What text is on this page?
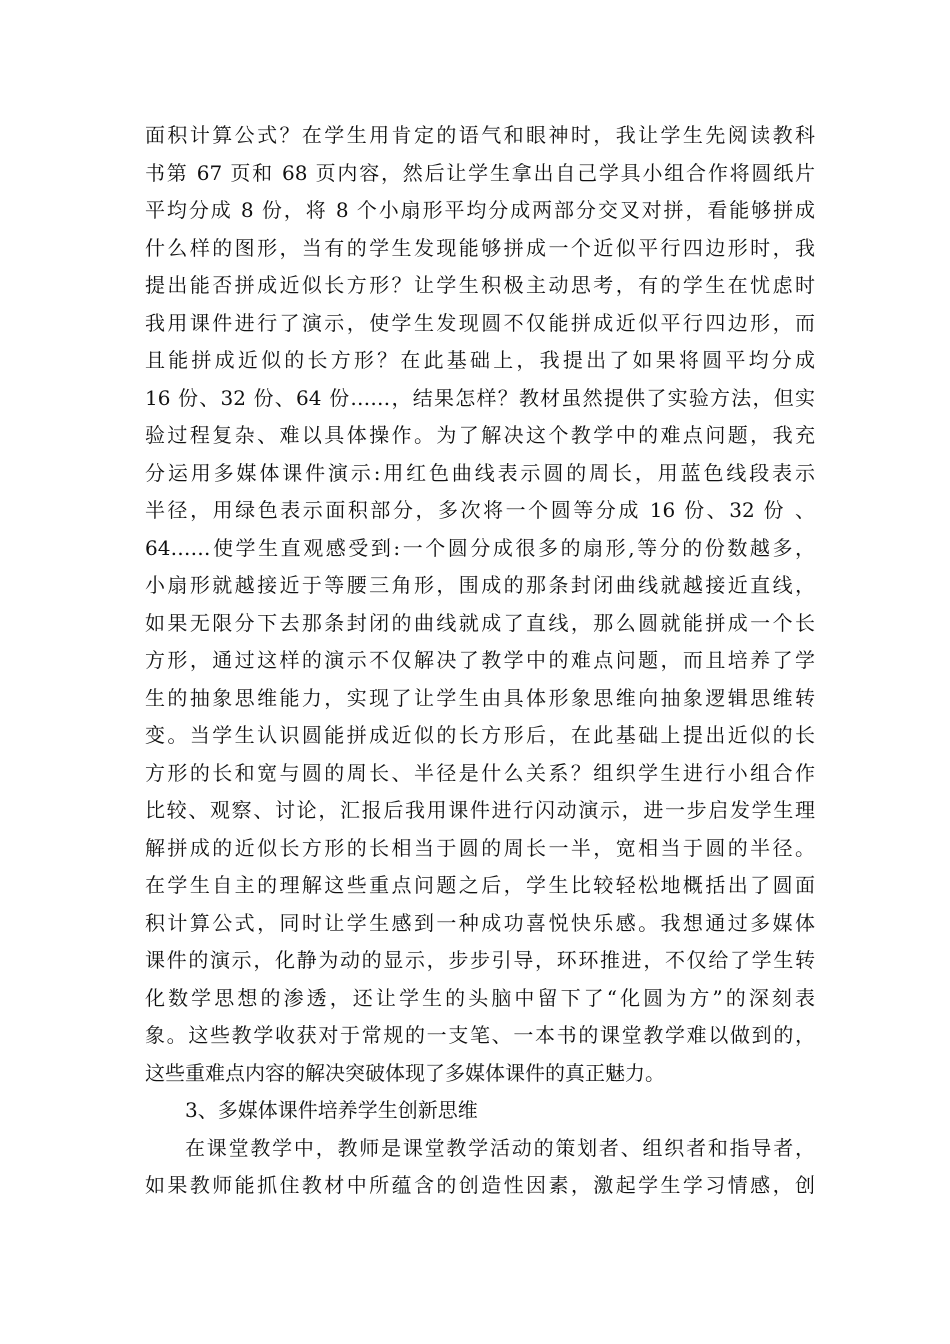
面积计算公式？在学生用肯定的语气和眼神时，我让学生先阅读教科
书第 67 页和 68 页内容，然后让学生拿出自己学具小组合作将圆纸片
平均分成 8 份，将 8 个小扇形平均分成两部分交叉对拼，看能够拼成
什么样的图形，当有的学生发现能够拼成一个近似平行四边形时，我
提出能否拼成近似长方形？让学生积极主动思考，有的学生在忧虑时
我用课件进行了演示，使学生发现圆不仅能拼成近似平行四边形，而
且能拼成近似的长方形？在此基础上，我提出了如果将圆平均分成
16 份、32 份、64 份……，结果怎样？教材虽然提供了实验方法，但实
验过程复杂、难以具体操作。为了解决这个教学中的难点问题，我充
分运用多媒体课件演示:用红色曲线表示圆的周长，用蓝色线段表示
半径，用绿色表示面积部分，多次将一个圆等分成 16 份、32 份 、
64……使学生直观感受到:一个圆分成很多的扇形,等分的份数越多，
小扇形就越接近于等腰三角形，围成的那条封闭曲线就越接近直线，
如果无限分下去那条封闭的曲线就成了直线，那么圆就能拼成一个长
方形，通过这样的演示不仅解决了教学中的难点问题，而且培养了学
生的抽象思维能力，实现了让学生由具体形象思维向抽象逻辑思维转
变。当学生认识圆能拼成近似的长方形后，在此基础上提出近似的长
方形的长和宽与圆的周长、半径是什么关系？组织学生进行小组合作
比较、观察、讨论，汇报后我用课件进行闪动演示，进一步启发学生理
解拼成的近似长方形的长相当于圆的周长一半，宽相当于圆的半径。
在学生自主的理解这些重点问题之后，学生比较轻松地概括出了圆面
积计算公式，同时让学生感到一种成功喜悦快乐感。我想通过多媒体
课件的演示，化静为动的显示，步步引导，环环推进，不仅给了学生转
化数学思想的渗透，还让学生的头脑中留下了“化圆为方”的深刻表
象。这些教学收获对于常规的一支笔、一本书的课堂教学难以做到的，
这些重难点内容的解决突破体现了多媒体课件的真正魅力。
3、多媒体课件培养学生创新思维
在课堂教学中，教师是课堂教学活动的策划者、组织者和指导者，
如果教师能抓住教材中所蕴含的创造性因素，激起学生学习情感，创
